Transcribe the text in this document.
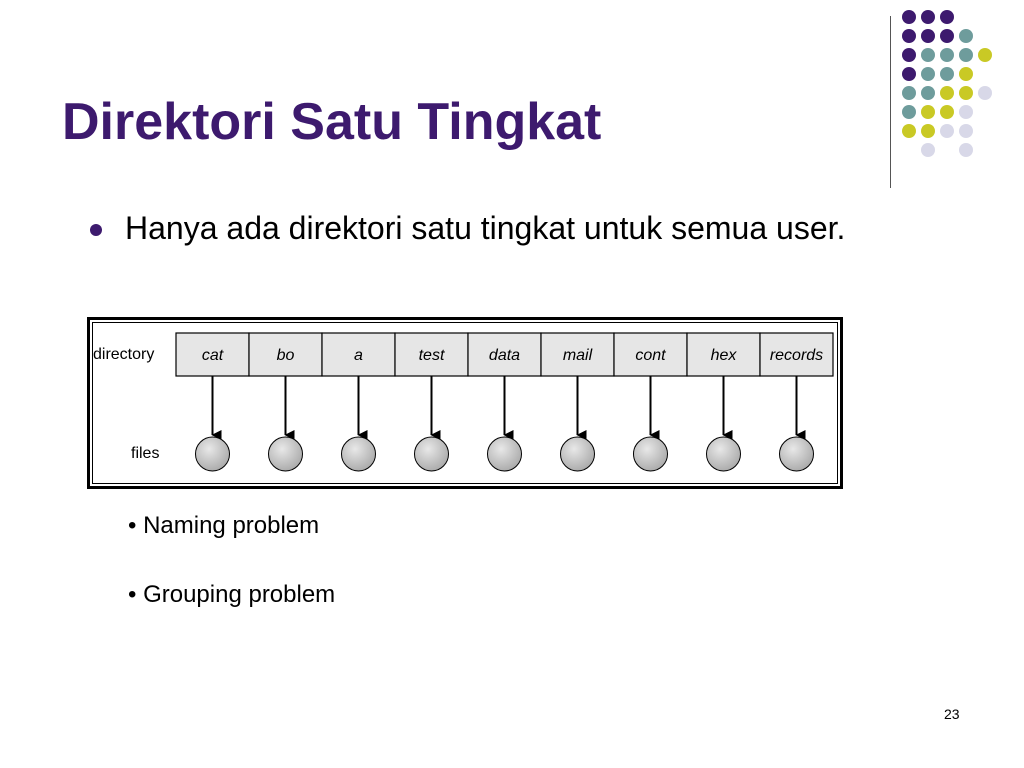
Direktori Satu Tingkat
Hanya ada direktori satu tingkat untuk semua user.
directory
files
cat	bo	a	test	data	mail	cont	hex records
• Naming problem
• Grouping problem
23
